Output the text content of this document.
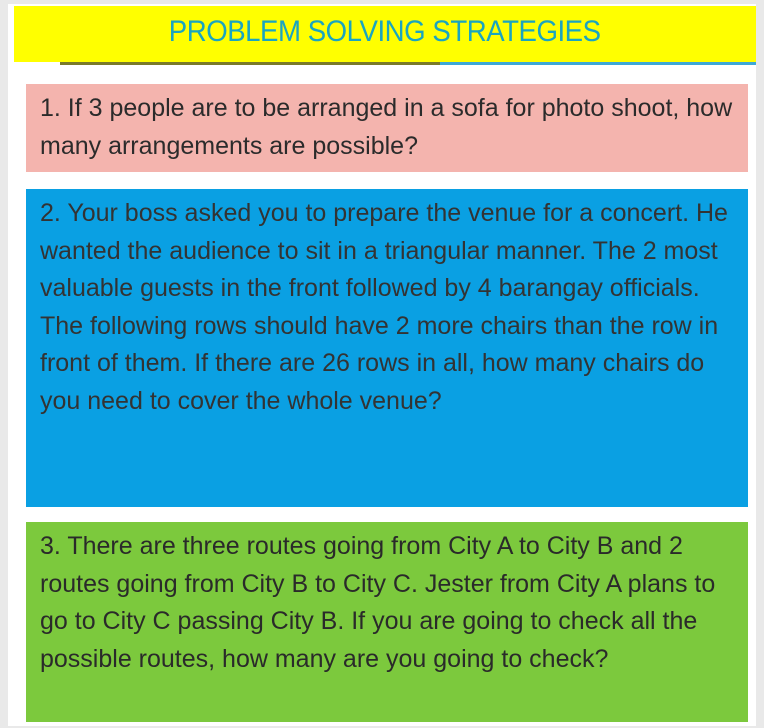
PROBLEM SOLVING STRATEGIES
1. If 3 people are to be arranged in a sofa for photo shoot, how many arrangements are possible?
2. Your boss asked you to prepare the venue for a concert. He wanted the audience to sit in a triangular manner. The 2 most valuable guests in the front followed by 4 barangay officials. The following rows should have 2 more chairs than the row in front of them. If there are 26 rows in all, how many chairs do you need to cover the whole venue?
3. There are three routes going from City A to City B and 2 routes going from City B to City C. Jester from City A plans to go to City C passing City B. If you are going to check all the possible routes, how many are you going to check?
